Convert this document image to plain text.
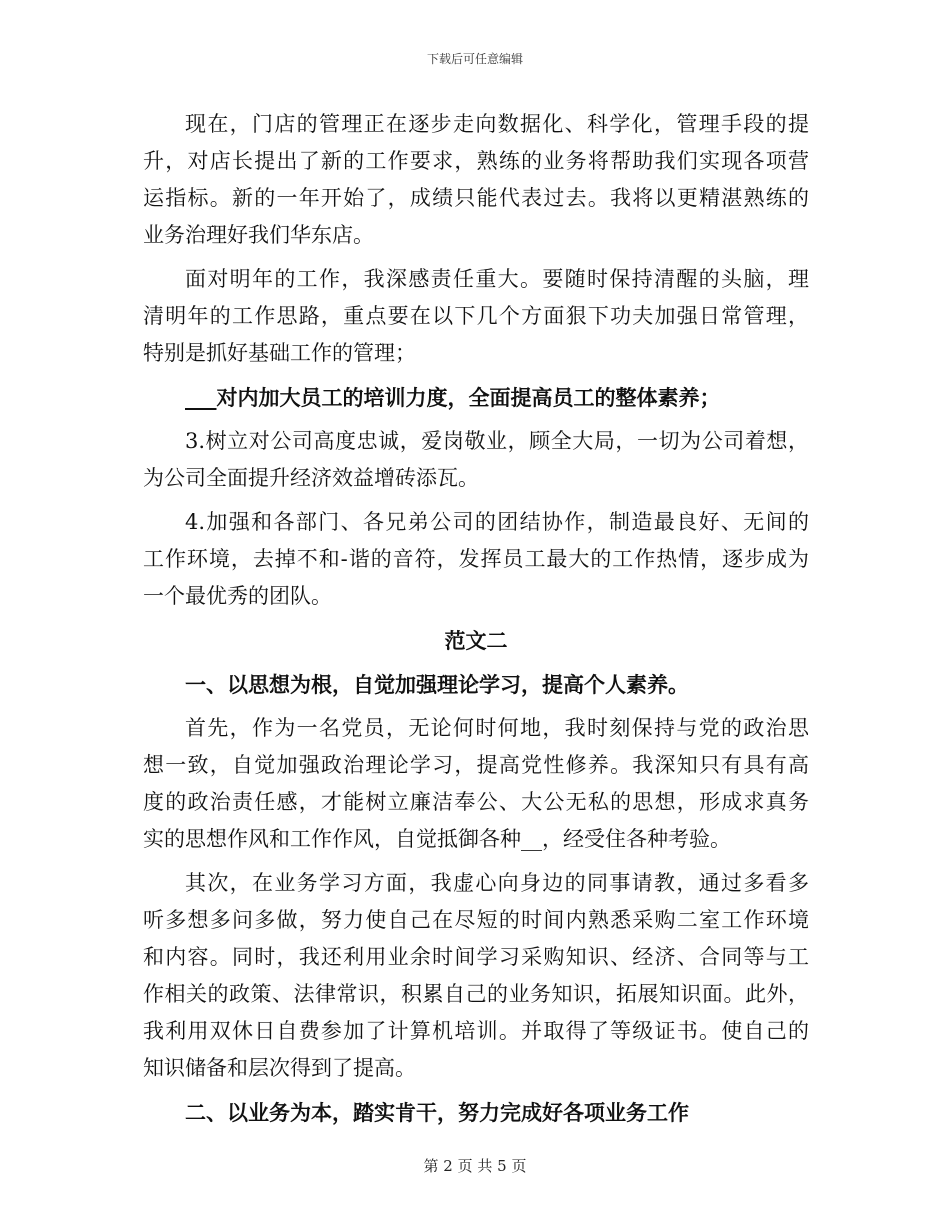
下载后可任意编辑
现在，门店的管理正在逐步走向数据化、科学化，管理手段的提
升，对店长提出了新的工作要求，熟练的业务将帮助我们实现各项营
运指标。新的一年开始了，成绩只能代表过去。我将以更精湛熟练的
业务治理好我们华东店。
面对明年的工作，我深感责任重大。要随时保持清醒的头脑，理
清明年的工作思路，重点要在以下几个方面狠下功夫加强日常管理，
特别是抓好基础工作的管理；
___对内加大员工的培训力度，全面提高员工的整体素养；
3.树立对公司高度忠诚，爱岗敬业，顾全大局，一切为公司着想，
为公司全面提升经济效益增砖添瓦。
4.加强和各部门、各兄弟公司的团结协作，制造最良好、无间的
工作环境，去掉不和-谐的音符，发挥员工最大的工作热情，逐步成为
一个最优秀的团队。
范文二
一、以思想为根，自觉加强理论学习，提高个人素养。
首先，作为一名党员，无论何时何地，我时刻保持与党的政治思
想一致，自觉加强政治理论学习，提高党性修养。我深知只有具有高
度的政治责任感，才能树立廉洁奉公、大公无私的思想，形成求真务
实的思想作风和工作作风，自觉抵御各种__，经受住各种考验。
其次，在业务学习方面，我虚心向身边的同事请教，通过多看多
听多想多问多做，努力使自己在尽短的时间内熟悉采购二室工作环境
和内容。同时，我还利用业余时间学习采购知识、经济、合同等与工
作相关的政策、法律常识，积累自己的业务知识，拓展知识面。此外，
我利用双休日自费参加了计算机培训。并取得了等级证书。使自己的
知识储备和层次得到了提高。
二、以业务为本，踏实肯干，努力完成好各项业务工作
第 2 页 共 5 页
